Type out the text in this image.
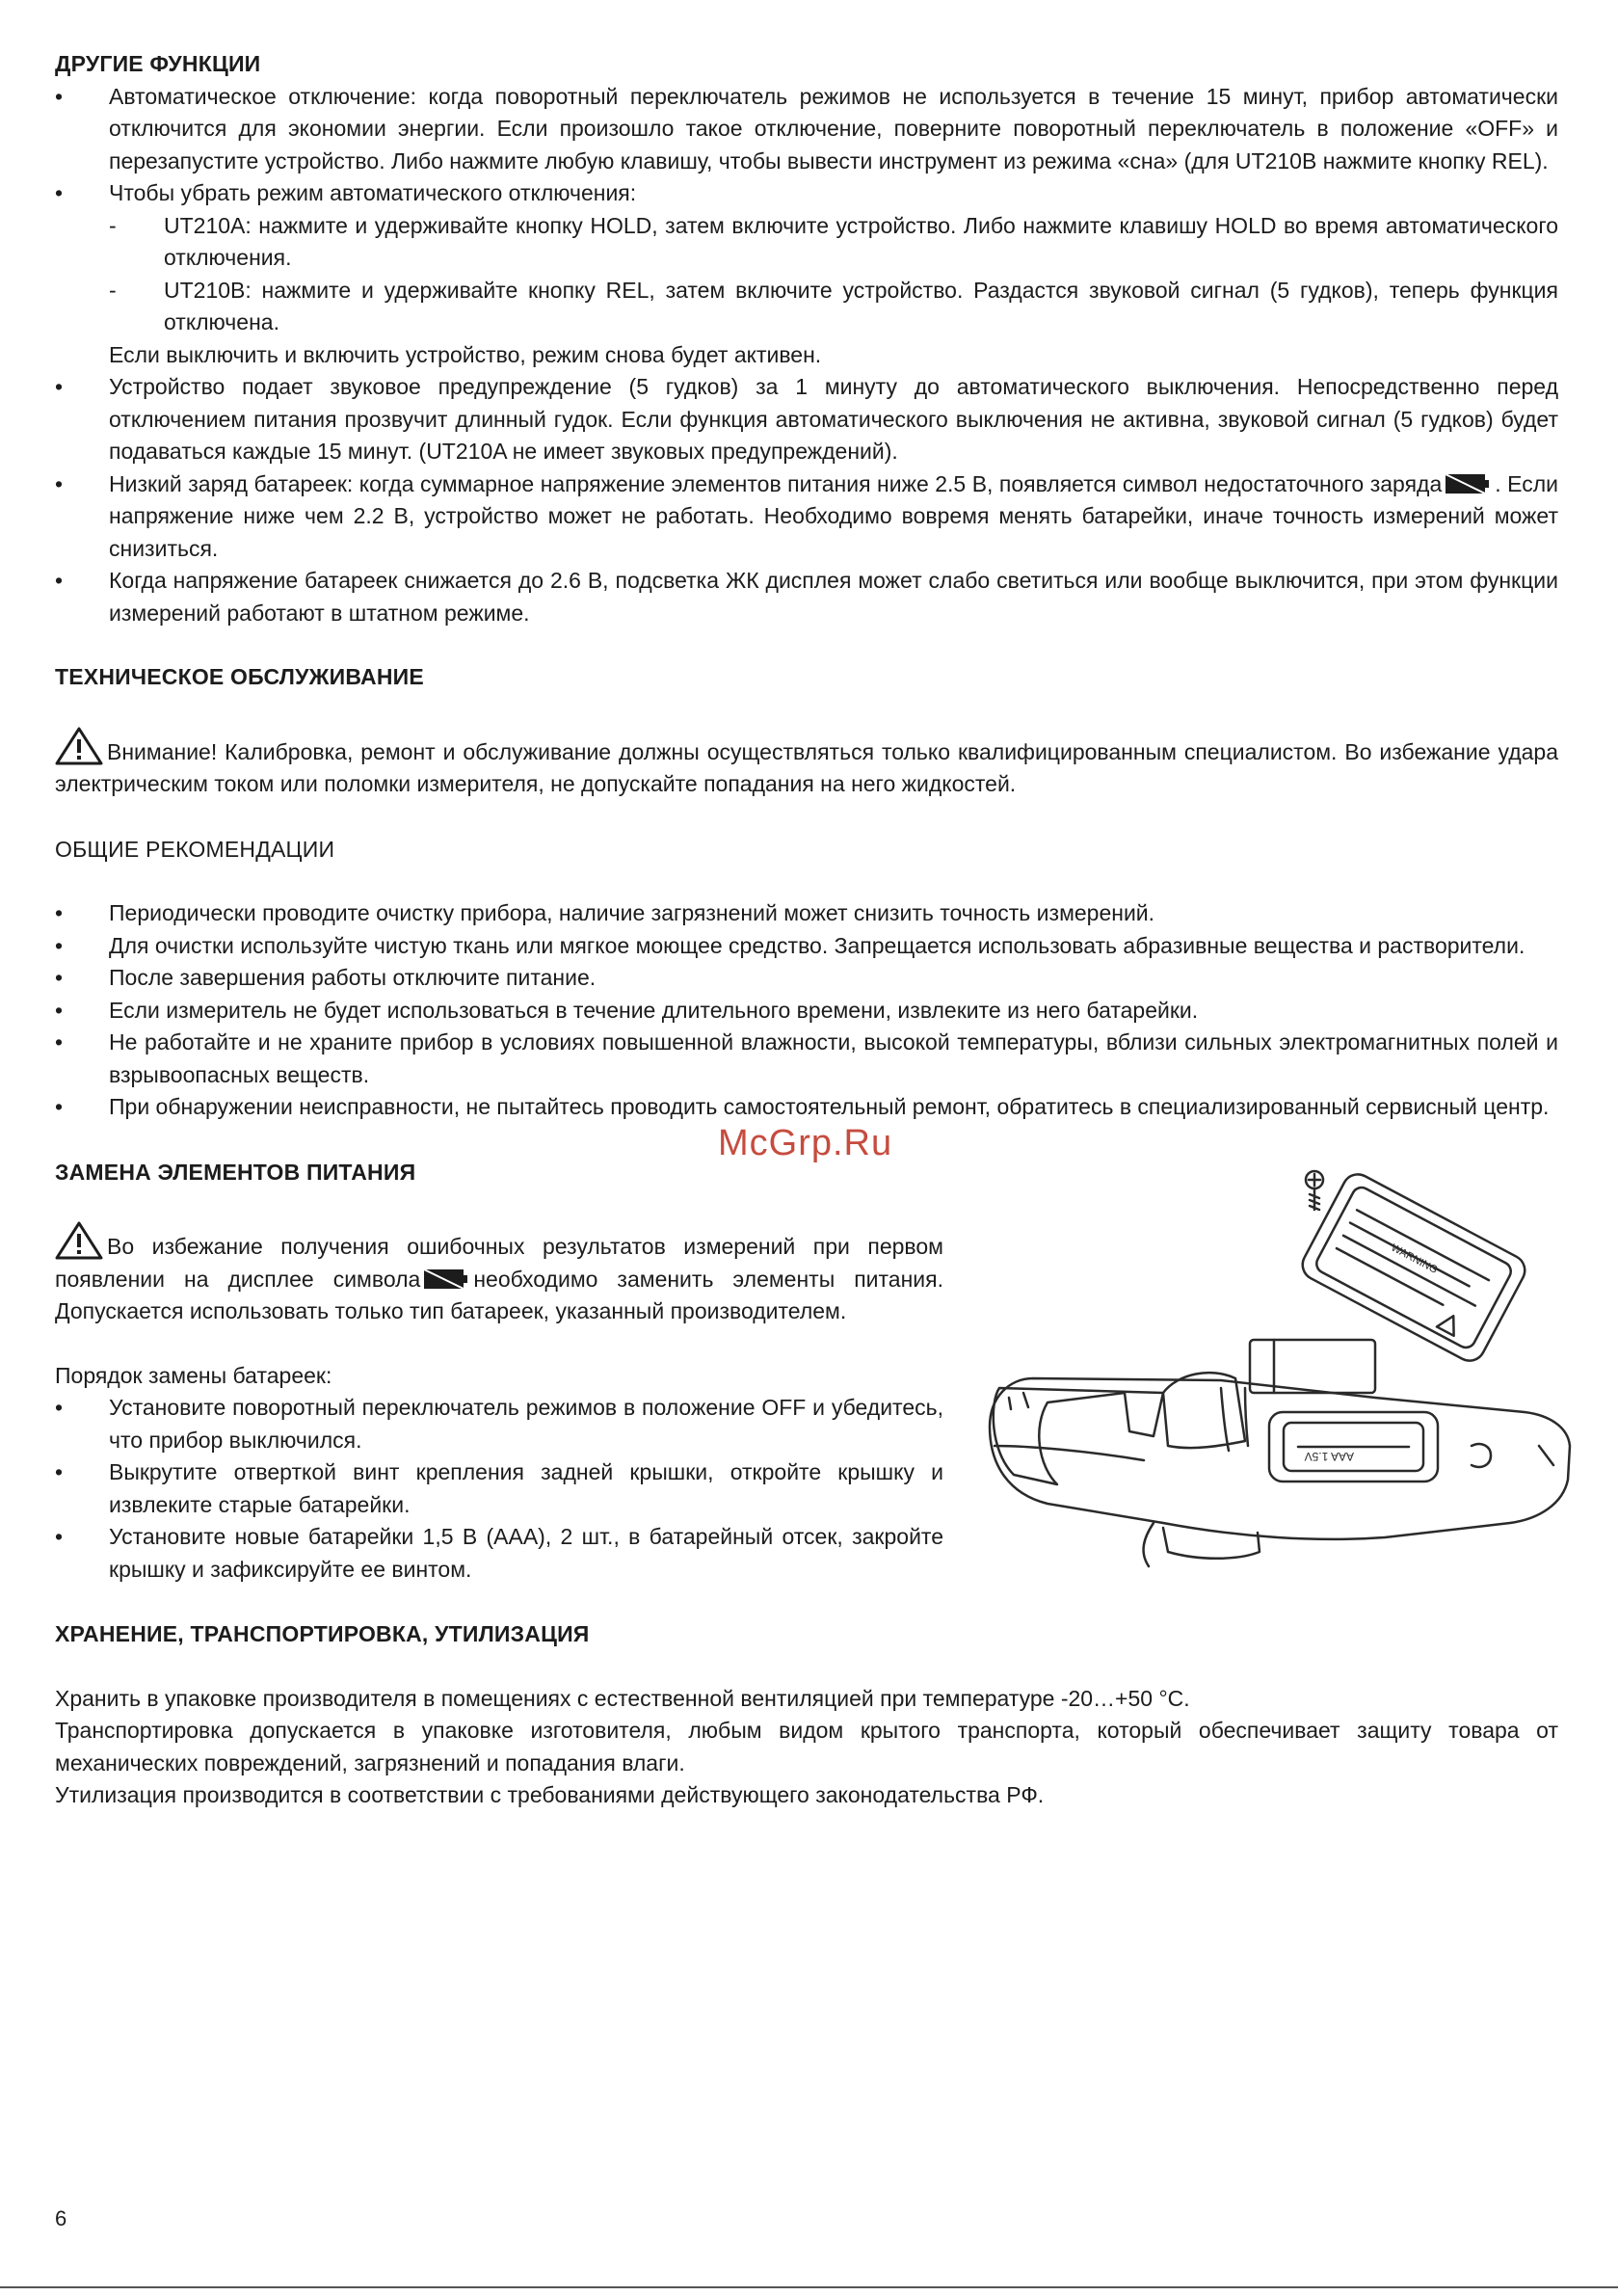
ДРУГИЕ ФУНКЦИИ
• Автоматическое отключение: когда поворотный переключатель режимов не используется в течение 15 минут, прибор автоматически отключится для экономии энергии. Если произошло такое отключение, поверните поворотный переключатель в положение «OFF» и перезапустите устройство. Либо нажмите любую клавишу, чтобы вывести инструмент из режима «сна» (для UT210B нажмите кнопку REL).
• Чтобы убрать режим автоматического отключения:
- UT210A: нажмите и удерживайте кнопку HOLD, затем включите устройство. Либо нажмите клавишу HOLD во время автоматического отключения.
- UT210B: нажмите и удерживайте кнопку REL, затем включите устройство. Раздастся звуковой сигнал (5 гудков), теперь функция отключена.

Если выключить и включить устройство, режим снова будет активен.

• Устройство подает звуковое предупреждение (5 гудков) за 1 минуту до автоматического выключения. Непосредственно перед отключением питания прозвучит длинный гудок. Если функция автоматического выключения не активна, звуковой сигнал (5 гудков) будет подаваться каждые 15 минут. (UT210A не имеет звуковых предупреждений).
• Низкий заряд батареек: когда суммарное напряжение элементов питания ниже 2.5 В, появляется символ недостаточного заряда . Если напряжение ниже чем 2.2 В, устройство может не работать. Необходимо вовремя менять батарейки, иначе точность измерений может снизиться.
• Когда напряжение батареек снижается до 2.6 В, подсветка ЖК дисплея может слабо светиться или вообще выключится, при этом функции измерений работают в штатном режиме.
ТЕХНИЧЕСКОЕ ОБСЛУЖИВАНИЕ

Внимание! Калибровка, ремонт и обслуживание должны осуществляться только квалифицированным специалистом. Во избежание удара электрическим током или поломки измерителя, не допускайте попадания на него жидкостей.

ОБЩИЕ РЕКОМЕНДАЦИИ
• Периодически проводите очистку прибора, наличие загрязнений может снизить точность измерений.
• Для очистки используйте чистую ткань или мягкое моющее средство. Запрещается использовать абразивные вещества и растворители.
• После завершения работы отключите питание.
• Если измеритель не будет использоваться в течение длительного времени, извлеките из него батарейки.
• Не работайте и не храните прибор в условиях повышенной влажности, высокой температуры, вблизи сильных электромагнитных полей и взрывоопасных веществ.
• При обнаружении неисправности, не пытайтесь проводить самостоятельный ремонт, обратитесь в специализированный сервисный центр.
ЗАМЕНА ЭЛЕМЕНТОВ ПИТАНИЯ

Во избежание получения ошибочных результатов измерений при первом появлении на дисплее символа необходимо заменить элементы питания. Допускается использовать только тип батареек, указанный производителем.

Порядок замены батареек:

• Установите поворотный переключатель режимов в положение OFF и убедитесь, что прибор выключился.
• Выкрутите отверткой винт крепления задней крышки, откройте крышку и извлеките старые батарейки.
• Установите новые батарейки 1,5 В (AAA), 2 шт., в батарейный отсек, закройте крышку и зафиксируйте ее винтом.
WARNING
AAA 1.5V
ХРАНЕНИЕ, ТРАНСПОРТИРОВКА, УТИЛИЗАЦИЯ

Хранить в упаковке производителя в помещениях с естественной вентиляцией при температуре -20…+50 °С.

Транспортировка допускается в упаковке изготовителя, любым видом крытого транспорта, который обеспечивает защиту товара от механических повреждений, загрязнений и попадания влаги.

Утилизация производится в соответствии с требованиями действующего законодательства РФ.

McGrp.Ru
6
